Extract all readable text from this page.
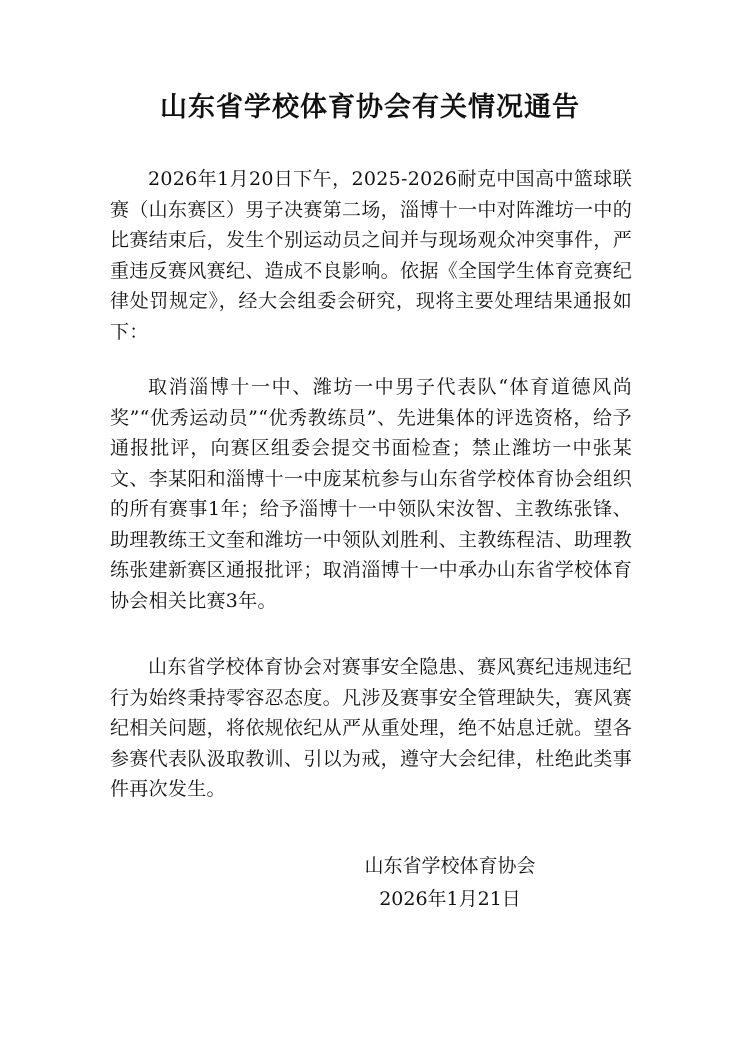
山东省学校体育协会有关情况通告

2026年1月20日下午，2025-2026耐克中国高中篮球联赛（山东赛区）男子决赛第二场，淄博十一中对阵潍坊一中的比赛结束后，发生个别运动员之间并与现场观众冲突事件，严重违反赛风赛纪、造成不良影响。依据《全国学生体育竞赛纪律处罚规定》，经大会组委会研究，现将主要处理结果通报如下：

取消淄博十一中、潍坊一中男子代表队“体育道德风尚奖”“优秀运动员”“优秀教练员”、先进集体的评选资格，给予通报批评，向赛区组委会提交书面检查；禁止潍坊一中张某文、李某阳和淄博十一中庞某杭参与山东省学校体育协会组织的所有赛事1年；给予淄博十一中领队宋汝智、主教练张锋、助理教练王文奎和潍坊一中领队刘胜利、主教练程洁、助理教练张建新赛区通报批评；取消淄博十一中承办山东省学校体育协会相关比赛3年。

山东省学校体育协会对赛事安全隐患、赛风赛纪违规违纪行为始终秉持零容忍态度。凡涉及赛事安全管理缺失，赛风赛纪相关问题，将依规依纪从严从重处理，绝不姑息迁就。望各参赛代表队汲取教训、引以为戒，遵守大会纪律，杜绝此类事件再次发生。

山东省学校体育协会
2026年1月21日
